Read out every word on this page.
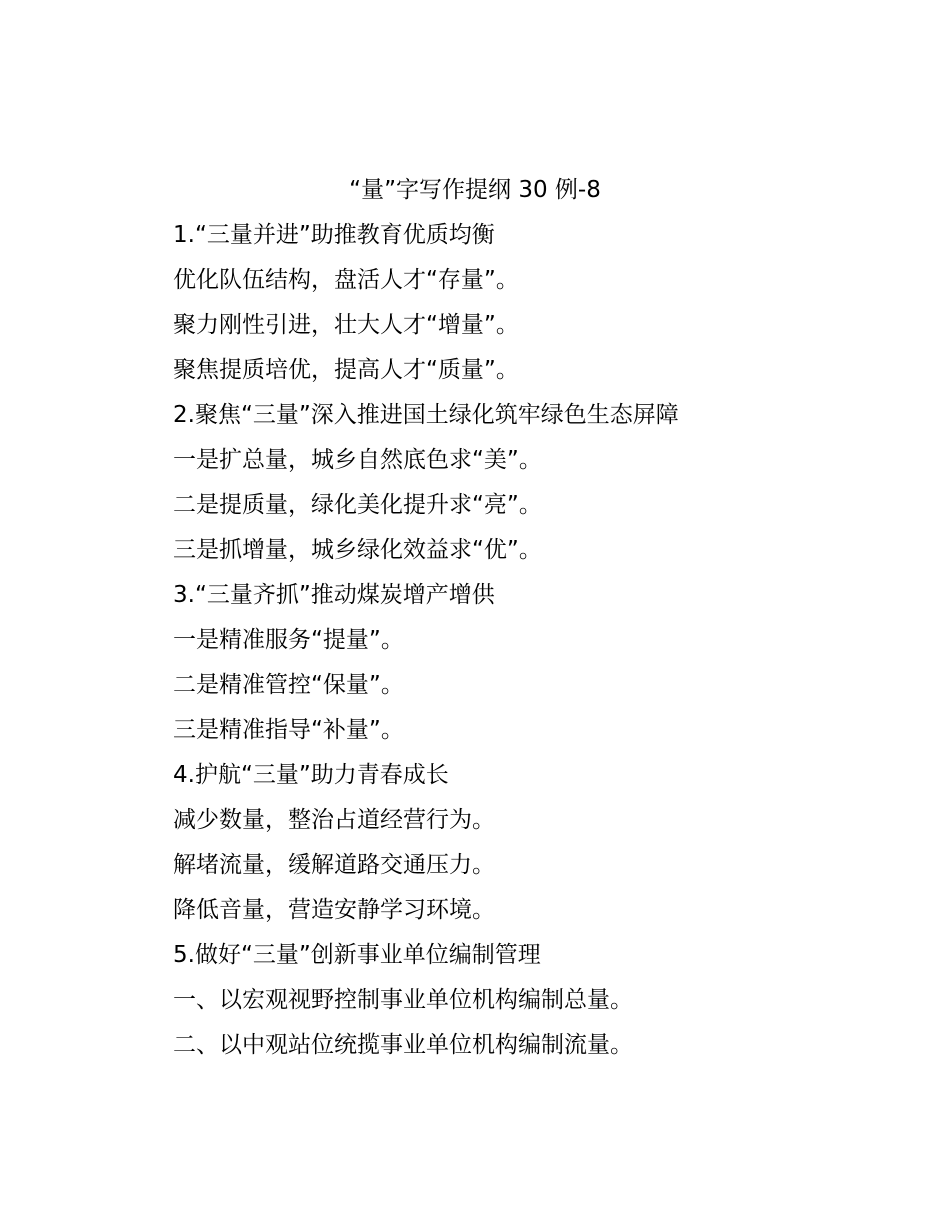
“量”字写作提纲 30 例-8
1.“三量并进”助推教育优质均衡
优化队伍结构，盘活人才“存量”。
聚力刚性引进，壮大人才“增量”。
聚焦提质培优，提高人才“质量”。
2.聚焦“三量”深入推进国土绿化筑牢绿色生态屏障
一是扩总量，城乡自然底色求“美”。
二是提质量，绿化美化提升求“亮”。
三是抓增量，城乡绿化效益求“优”。
3.“三量齐抓”推动煤炭增产增供
一是精准服务“提量”。
二是精准管控“保量”。
三是精准指导“补量”。
4.护航“三量”助力青春成长
减少数量，整治占道经营行为。
解堵流量，缓解道路交通压力。
降低音量，营造安静学习环境。
5.做好“三量”创新事业单位编制管理
一、以宏观视野控制事业单位机构编制总量。
二、以中观站位统揽事业单位机构编制流量。
